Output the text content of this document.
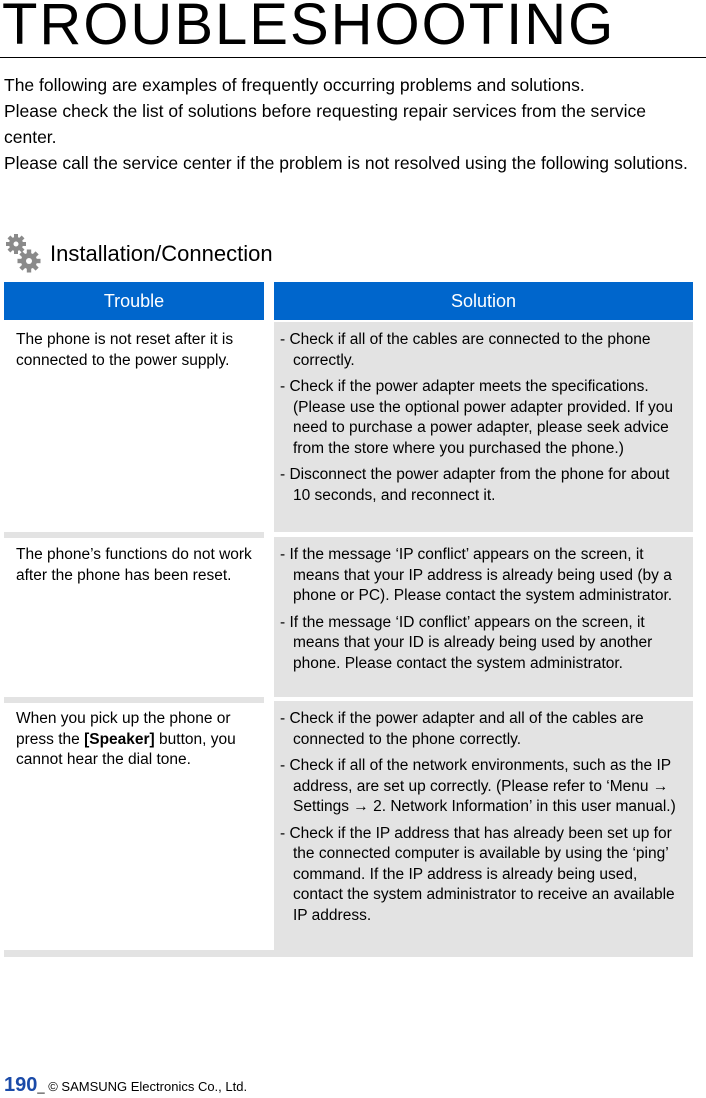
TROUBLESHOOTING

The following are examples of frequently occurring problems and solutions.

Please check the list of solutions before requesting repair services from the service center.

Please call the service center if the problem is not resolved using the following solutions.

Installation/Connection
Trouble	Solution
The phone is not reset after it is connected to the power supply.
- Check if all of the cables are connected to the phone correctly.
- Check if the power adapter meets the specifications. (Please use the optional power adapter provided. If you need to purchase a power adapter, please seek advice from the store where you purchased the phone.)
- Disconnect the power adapter from the phone for about 10 seconds, and reconnect it.
The phone’s functions do not work after the phone has been reset.
- If the message ‘IP conflict’ appears on the screen, it means that your IP address is already being used (by a phone or PC). Please contact the system administrator.
- If the message ‘ID conflict’ appears on the screen, it means that your ID is already being used by another phone. Please contact the system administrator.
When you pick up the phone or press the [Speaker] button, you cannot hear the dial tone.
- Check if the power adapter and all of the cables are connected to the phone correctly.
- Check if all of the network environments, such as the IP address, are set up correctly. (Please refer to ‘Menu → Settings → 2. Network Information’ in this user manual.)
- Check if the IP address that has already been set up for the connected computer is available by using the ‘ping’ command. If the IP address is already being used, contact the system administrator to receive an available IP address.
190_ © SAMSUNG Electronics Co., Ltd.
